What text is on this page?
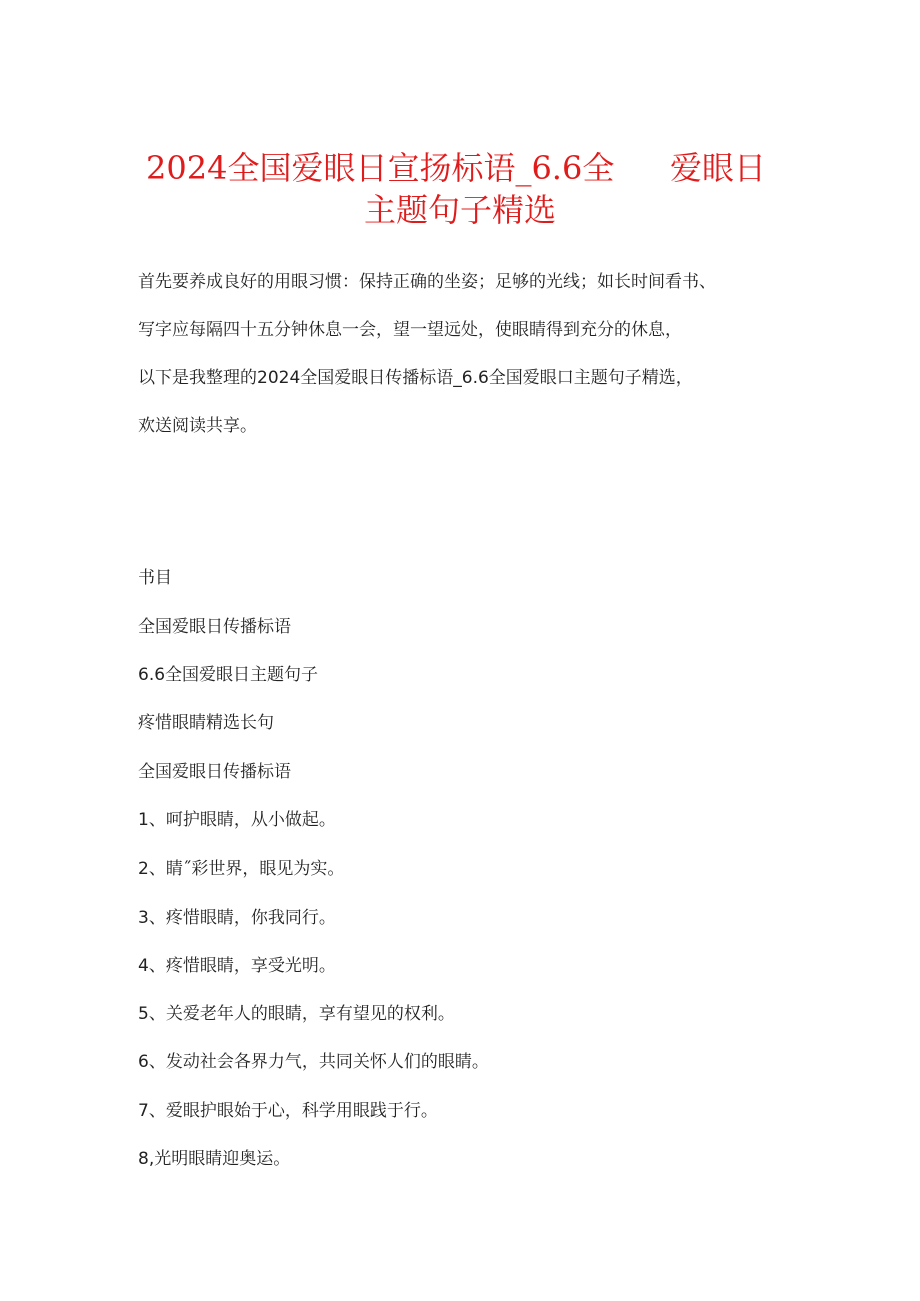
2024全国爱眼日宣扬标语_6.6全 爱眼日
主题句子精选
首先要养成良好的用眼习惯：保持正确的坐姿；足够的光线；如长时间看书、
写字应每隔四十五分钟休息一会，望一望远处，使眼睛得到充分的休息，
以下是我整理的2024全国爱眼日传播标语_6.6全国爱眼口主题句子精选，
欢送阅读共享。
书目
全国爱眼日传播标语
6.6全国爱眼日主题句子
疼惜眼睛精选长句
全国爱眼日传播标语
1、呵护眼睛，从小做起。
2、睛˝彩世界，眼见为实。
3、疼惜眼睛，你我同行。
4、疼惜眼睛，享受光明。
5、关爱老年人的眼睛，享有望见的权利。
6、发动社会各界力气，共同关怀人们的眼睛。
7、爱眼护眼始于心，科学用眼践于行。
8,光明眼睛迎奥运。
